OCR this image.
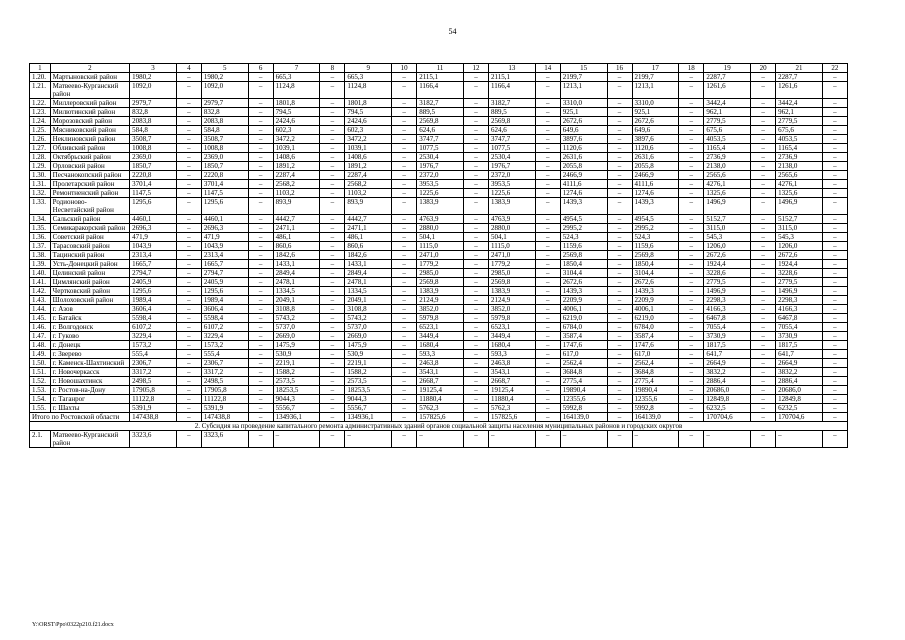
54
1	2	3	4	5	6	7	8	9	10	11	12	13	14	15	16	17	18	19	20	21	22
1.20.	Мартыновский район	1980,2	–	1980,2	–	665,3	–	665,3	–	2115,1	–	2115,1	–	2199,7	–	2199,7	–	2287,7	–	2287,7	–
1.21.	Матвеево-Курганский район	1092,0	–	1092,0	–	1124,8	–	1124,8	–	1166,4	–	1166,4	–	1213,1	–	1213,1	–	1261,6	–	1261,6	–
1.22.	Миллеровский район	2979,7	–	2979,7	–	1801,8	–	1801,8	–	3182,7	–	3182,7	–	3310,0	–	3310,0	–	3442,4	–	3442,4	–
1.23.	Милютинский район	832,8	–	832,8	–	794,5	–	794,5	–	889,5	–	889,5	–	925,1	–	925,1	–	962,1	–	962,1	–
1.24.	Морозовский район	2083,8	–	2083,8	–	2424,6	–	2424,6	–	2569,8	–	2569,8	–	2672,6	–	2672,6	–	2779,5	–	2779,5	–
1.25.	Мясниковский район	584,8	–	584,8	–	602,3	–	602,3	–	624,6	–	624,6	–	649,6	–	649,6	–	675,6	–	675,6	–
1.26.	Неклиновский район	3508,7	–	3508,7	–	3472,2	–	3472,2	–	3747,7	–	3747,7	–	3897,6	–	3897,6	–	4053,5	–	4053,5	–
1.27.	Обливский район	1008,8	–	1008,8	–	1039,1	–	1039,1	–	1077,5	–	1077,5	–	1120,6	–	1120,6	–	1165,4	–	1165,4	–
1.28.	Октябрьский район	2369,0	–	2369,0	–	1408,6	–	1408,6	–	2530,4	–	2530,4	–	2631,6	–	2631,6	–	2736,9	–	2736,9	–
1.29.	Орловский район	1850,7	–	1850,7	–	1891,2	–	1891,2	–	1976,7	–	1976,7	–	2055,8	–	2055,8	–	2138,0	–	2138,0	–
1.30.	Песчанокопский район	2220,8	–	2220,8	–	2287,4	–	2287,4	–	2372,0	–	2372,0	–	2466,9	–	2466,9	–	2565,6	–	2565,6	–
1.31.	Пролетарский район	3701,4	–	3701,4	–	2568,2	–	2568,2	–	3953,5	–	3953,5	–	4111,6	–	4111,6	–	4276,1	–	4276,1	–
1.32.	Ремонтненский район	1147,5	–	1147,5	–	1103,2	–	1103,2	–	1225,6	–	1225,6	–	1274,6	–	1274,6	–	1325,6	–	1325,6	–
1.33.	Родионово-Несветайский район	1295,6	–	1295,6	–	893,9	–	893,9	–	1383,9	–	1383,9	–	1439,3	–	1439,3	–	1496,9	–	1496,9	–
1.34.	Сальский район	4460,1	–	4460,1	–	4442,7	–	4442,7	–	4763,9	–	4763,9	–	4954,5	–	4954,5	–	5152,7	–	5152,7	–
1.35.	Семикаракорский район	2696,3	–	2696,3	–	2471,1	–	2471,1	–	2880,0	–	2880,0	–	2995,2	–	2995,2	–	3115,0	–	3115,0	–
1.36.	Советский район	471,9	–	471,9	–	486,1	–	486,1	–	504,1	–	504,1	–	524,3	–	524,3	–	545,3	–	545,3	–
1.37.	Тарасовский район	1043,9	–	1043,9	–	860,6	–	860,6	–	1115,0	–	1115,0	–	1159,6	–	1159,6	–	1206,0	–	1206,0	–
1.38.	Тацинский район	2313,4	–	2313,4	–	1842,6	–	1842,6	–	2471,0	–	2471,0	–	2569,8	–	2569,8	–	2672,6	–	2672,6	–
1.39.	Усть-Донецкий район	1665,7	–	1665,7	–	1433,1	–	1433,1	–	1779,2	–	1779,2	–	1850,4	–	1850,4	–	1924,4	–	1924,4	–
1.40.	Целинский район	2794,7	–	2794,7	–	2849,4	–	2849,4	–	2985,0	–	2985,0	–	3104,4	–	3104,4	–	3228,6	–	3228,6	–
1.41.	Цимлянский район	2405,9	–	2405,9	–	2478,1	–	2478,1	–	2569,8	–	2569,8	–	2672,6	–	2672,6	–	2779,5	–	2779,5	–
1.42.	Чертковский район	1295,6	–	1295,6	–	1334,5	–	1334,5	–	1383,9	–	1383,9	–	1439,3	–	1439,3	–	1496,9	–	1496,9	–
1.43.	Шолоховский район	1989,4	–	1989,4	–	2049,1	–	2049,1	–	2124,9	–	2124,9	–	2209,9	–	2209,9	–	2298,3	–	2298,3	–
1.44.	г. Азов	3606,4	–	3606,4	–	3108,8	–	3108,8	–	3852,0	–	3852,0	–	4006,1	–	4006,1	–	4166,3	–	4166,3	–
1.45.	г. Батайск	5598,4	–	5598,4	–	5743,2	–	5743,2	–	5979,8	–	5979,8	–	6219,0	–	6219,0	–	6467,8	–	6467,8	–
1.46.	г. Волгодонск	6107,2	–	6107,2	–	5737,0	–	5737,0	–	6523,1	–	6523,1	–	6784,0	–	6784,0	–	7055,4	–	7055,4	–
1.47.	г. Гуково	3229,4	–	3229,4	–	2669,0	–	2669,0	–	3449,4	–	3449,4	–	3587,4	–	3587,4	–	3730,9	–	3730,9	–
1.48.	г. Донецк	1573,2	–	1573,2	–	1475,9	–	1475,9	–	1680,4	–	1680,4	–	1747,6	–	1747,6	–	1817,5	–	1817,5	–
1.49.	г. Зверево	555,4	–	555,4	–	530,9	–	530,9	–	593,3	–	593,3	–	617,0	–	617,0	–	641,7	–	641,7	–
1.50.	г. Каменск-Шахтинский	2306,7	–	2306,7	–	2219,1	–	2219,1	–	2463,8	–	2463,8	–	2562,4	–	2562,4	–	2664,9	–	2664,9	–
1.51.	г. Новочеркасск	3317,2	–	3317,2	–	1588,2	–	1588,2	–	3543,1	–	3543,1	–	3684,8	–	3684,8	–	3832,2	–	3832,2	–
1.52.	г. Новошахтинск	2498,5	–	2498,5	–	2573,5	–	2573,5	–	2668,7	–	2668,7	–	2775,4	–	2775,4	–	2886,4	–	2886,4	–
1.53.	г. Ростов-на-Дону	17905,8	–	17905,8	–	18253,5	–	18253,5	–	19125,4	–	19125,4	–	19890,4	–	19890,4	–	20686,0	–	20686,0	–
1.54.	г. Таганрог	11122,8	–	11122,8	–	9044,3	–	9044,3	–	11880,4	–	11880,4	–	12355,6	–	12355,6	–	12849,8	–	12849,8	–
1.55.	г. Шахты	5391,9	–	5391,9	–	5556,7	–	5556,7	–	5762,3	–	5762,3	–	5992,8	–	5992,8	–	6232,5	–	6232,5	–
Итого по Ростовской области		147438,8	–	147438,8	–	134936,1	–	134936,1	–	157825,6	–	157825,6	–	164139,0	–	164139,0	–	170704,6	–	170704,6	–
2. Субсидия на проведение капитального ремонта административных зданий органов социальной защиты населения муниципальных районов и городских округов																					
2.1.	Матвеево-Курганский район	3323,6	–	3323,6	–	–	–	–	–	–	–	–	–	–	–	–	–	–	–	–	–
Y:\ORST\Ppo\0322p210.f21.docx
